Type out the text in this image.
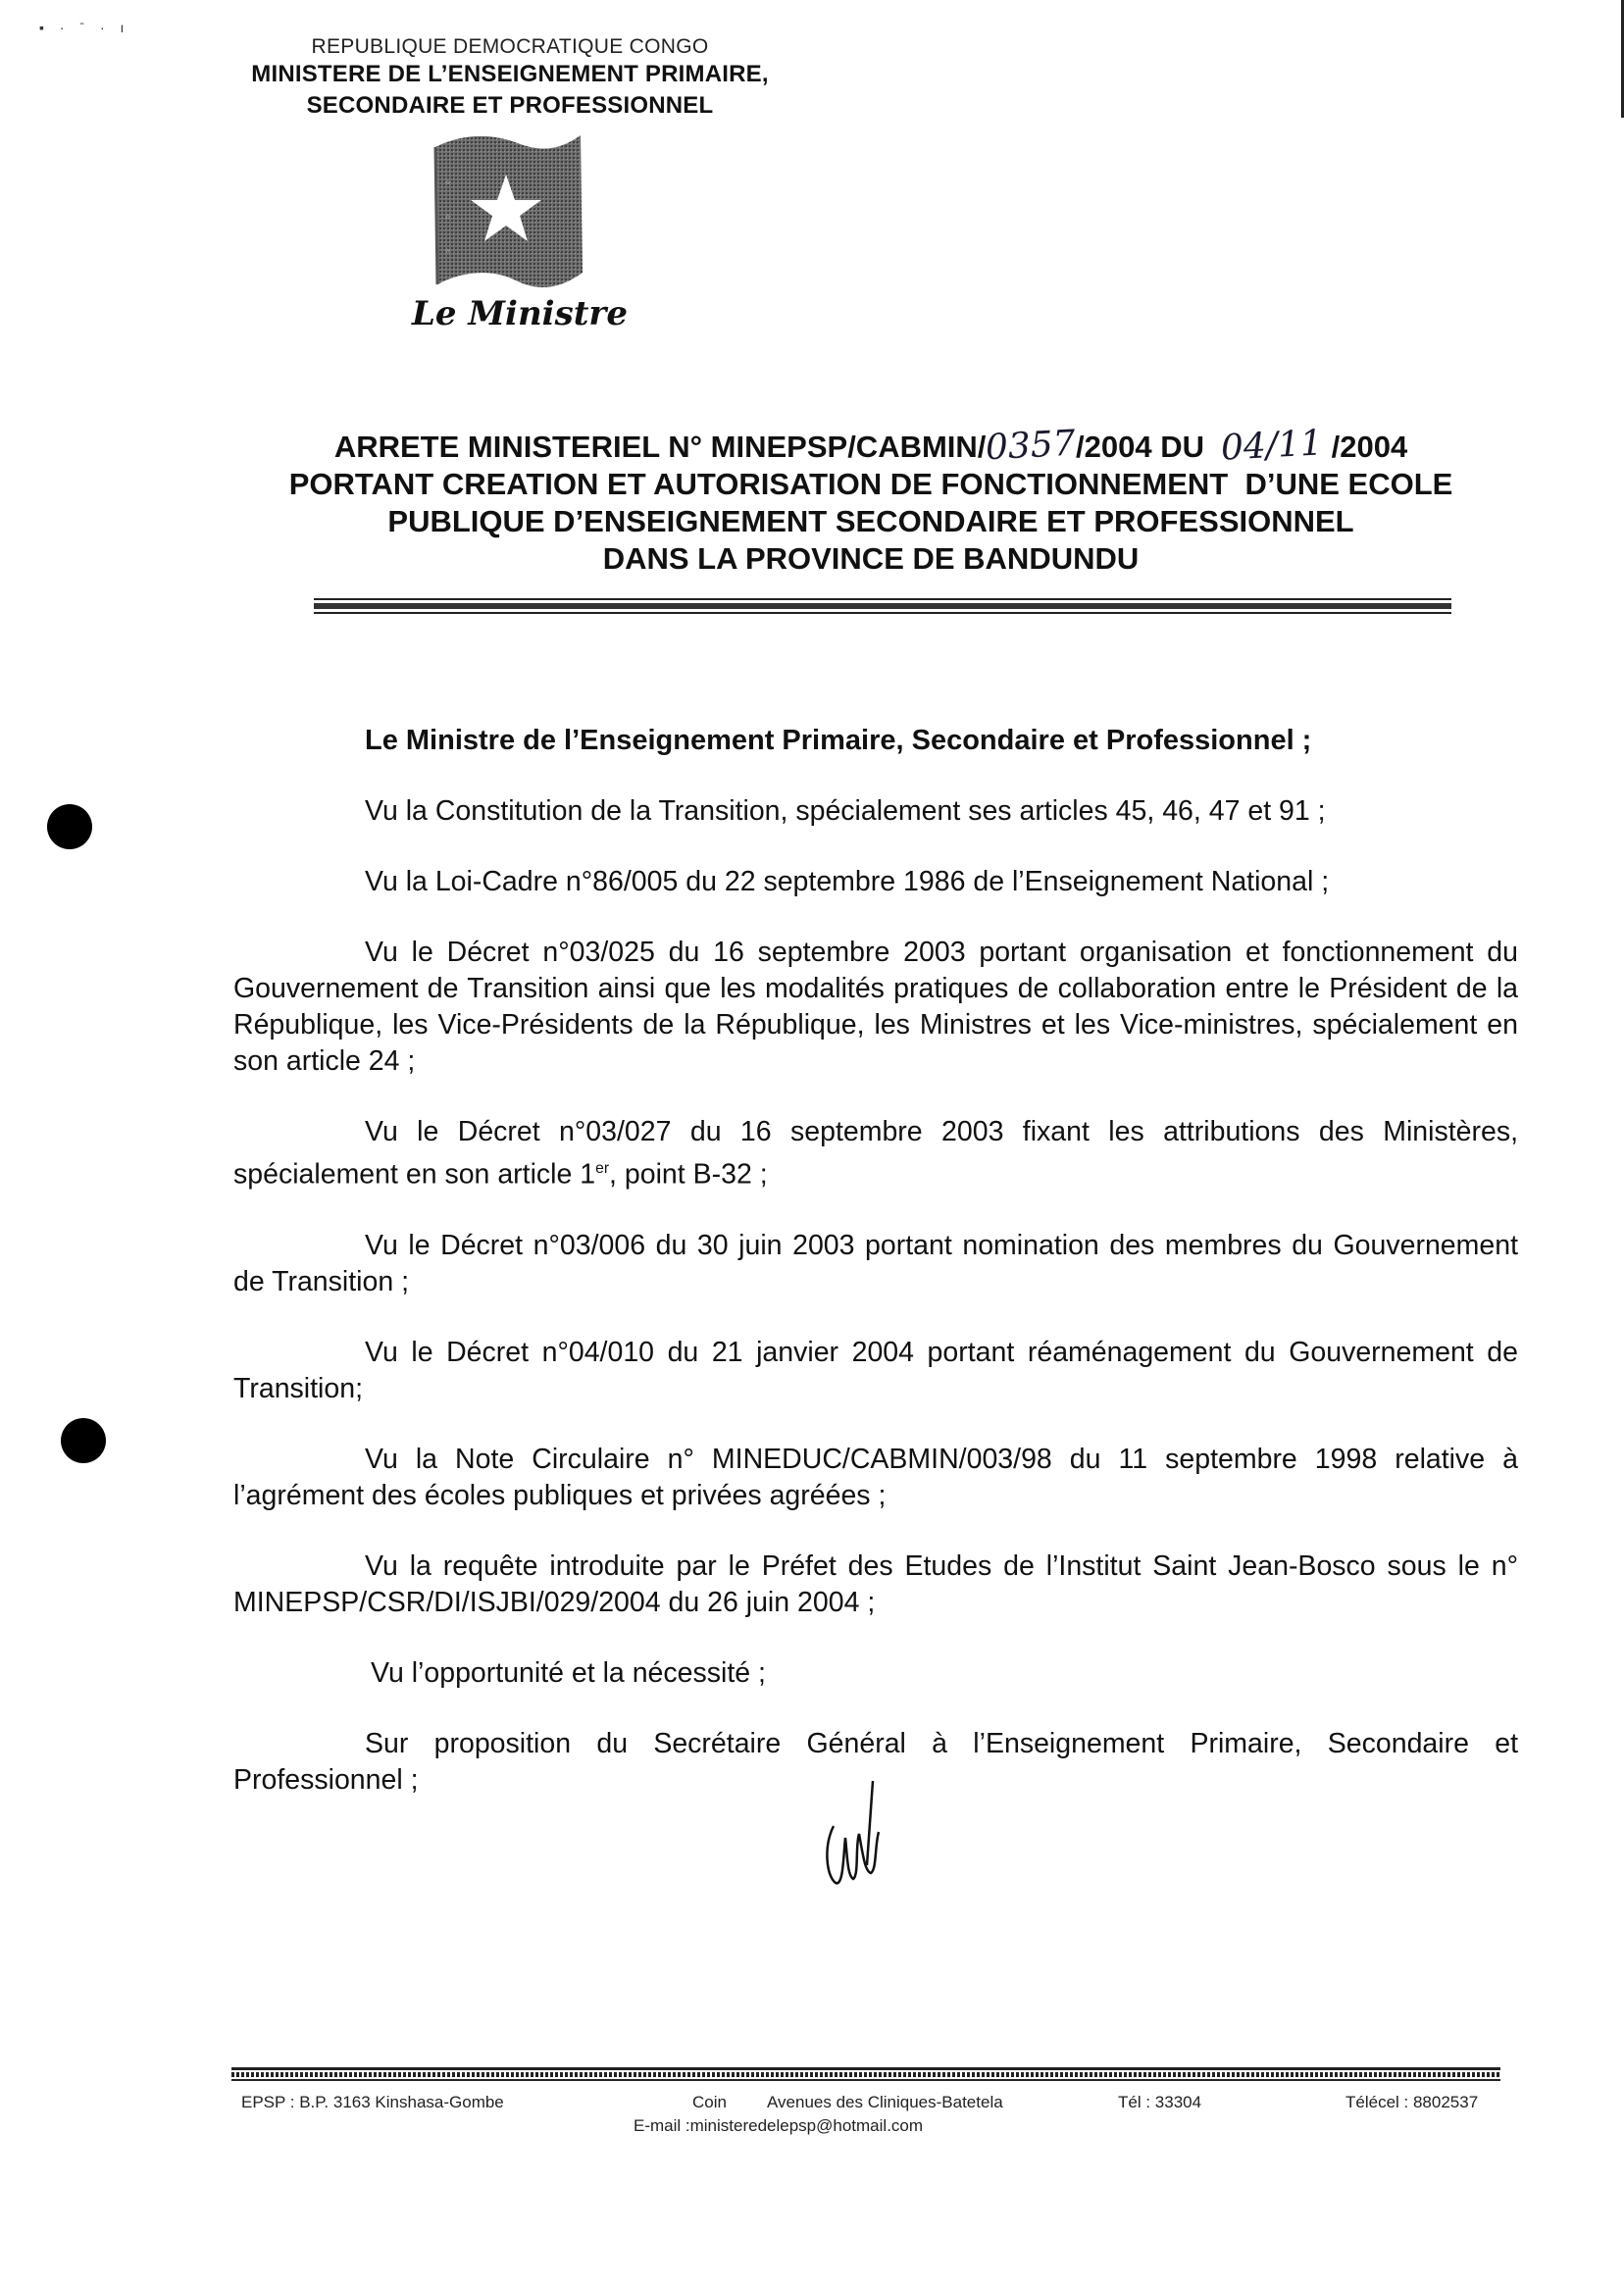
▪ · ˉ · ı
REPUBLIQUE DEMOCRATIQUE CONGO
MINISTERE DE L’ENSEIGNEMENT PRIMAIRE,
SECONDAIRE ET PROFESSIONNEL
☆
☆
☆
Le Ministre
ARRETE MINISTERIEL N° MINEPSP/CABMIN/0357/2004 DU 04/11 /2004
PORTANT CREATION ET AUTORISATION DE FONCTIONNEMENT  D’UNE ECOLE
PUBLIQUE D’ENSEIGNEMENT SECONDAIRE ET PROFESSIONNEL
DANS LA PROVINCE DE BANDUNDU

Le Ministre de l’Enseignement Primaire, Secondaire et Professionnel ;

Vu la Constitution de la Transition, spécialement ses articles 45, 46, 47 et 91 ;

Vu la Loi-Cadre n°86/005 du 22 septembre 1986 de l’Enseignement National ;

Vu le Décret n°03/025 du 16 septembre 2003 portant organisation et fonctionnement du Gouvernement de Transition ainsi que les modalités pratiques de collaboration entre le Président de la République, les Vice-Présidents de la République, les Ministres et les Vice-ministres, spécialement en son article 24 ;

Vu le Décret n°03/027 du 16 septembre 2003 fixant les attributions des Ministères, spécialement en son article 1er, point B-32 ;

Vu le Décret n°03/006 du 30 juin 2003 portant nomination des membres du Gouvernement de Transition ;

Vu le Décret n°04/010 du 21 janvier 2004 portant réaménagement du Gouvernement de Transition;

Vu la Note Circulaire n° MINEDUC/CABMIN/003/98 du 11 septembre 1998 relative à l’agrément des écoles publiques et privées agréées ;

Vu la requête introduite par le Préfet des Etudes de l’Institut Saint Jean-Bosco sous le n° MINEPSP/CSR/DI/ISJBI/029/2004 du 26 juin 2004 ;

Vu l’opportunité et la nécessité ;

Sur proposition du Secrétaire Général à l’Enseignement Primaire, Secondaire et Professionnel ;

EPSP : B.P. 3163 Kinshasa-Gombe	Coin Avenues des Cliniques-Batetela	Tél : 33304	Télécel : 8802537
E-mail :ministeredelepsp@hotmail.com
